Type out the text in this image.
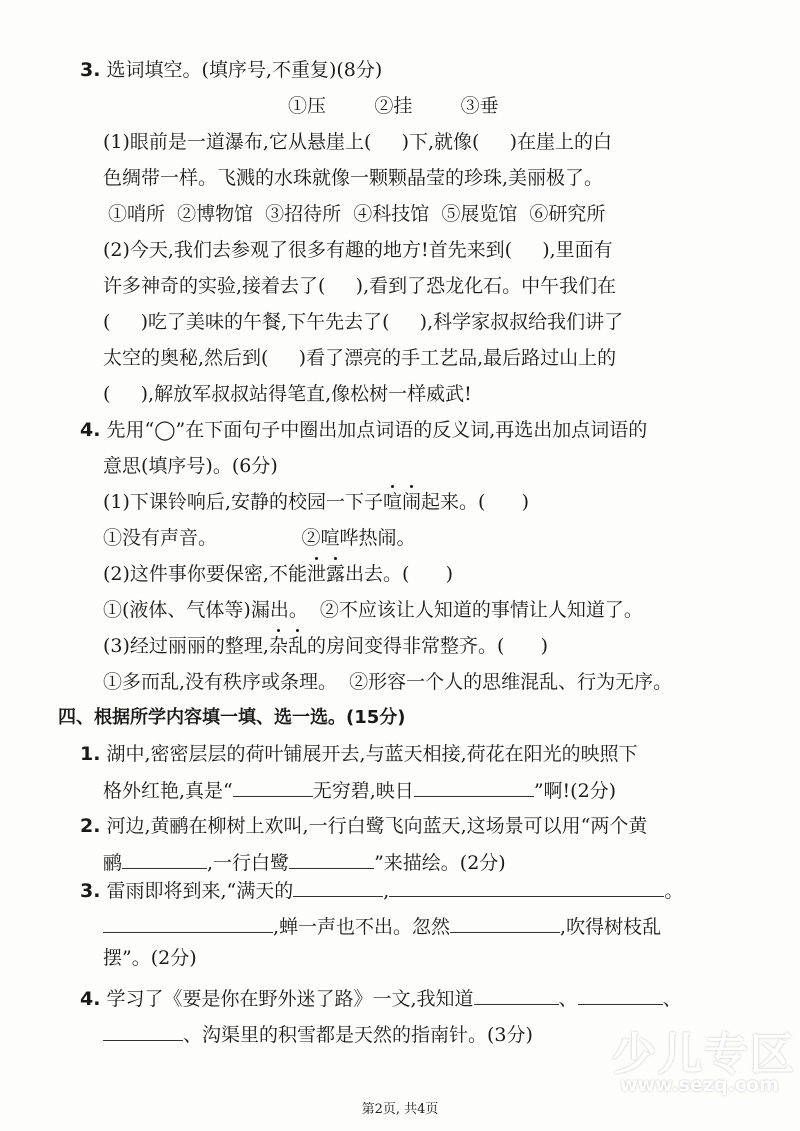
3. 选词填空。(填序号,不重复)(8分)
①压        ②挂        ③垂
(1)眼前是一道瀑布,它从悬崖上(     )下,就像(     )在崖上的白
色绸带一样。飞溅的水珠就像一颗颗晶莹的珍珠,美丽极了。
①哨所  ②博物馆  ③招待所  ④科技馆  ⑤展览馆  ⑥研究所
(2)今天,我们去参观了很多有趣的地方!首先来到(     ),里面有
许多神奇的实验,接着去了(     ),看到了恐龙化石。中午我们在
(     )吃了美味的午餐,下午先去了(     ),科学家叔叔给我们讲了
太空的奥秘,然后到(     )看了漂亮的手工艺品,最后路过山上的
(     ),解放军叔叔站得笔直,像松树一样威武!
4. 先用“◯”在下面句子中圈出加点词语的反义词,再选出加点词语的
意思(填序号)。(6分)
(1)下课铃响后,安静的校园一下子喧闹起来。(      )
①没有声音。              ②喧哗热闹。
(2)这件事你要保密,不能泄露出去。(      )
①(液体、气体等)漏出。  ②不应该让人知道的事情让人知道了。
(3)经过丽丽的整理,杂乱的房间变得非常整齐。(      )
①多而乱,没有秩序或条理。  ②形容一个人的思维混乱、行为无序。
四、根据所学内容填一填、选一选。(15分)
1. 湖中,密密层层的荷叶铺展开去,与蓝天相接,荷花在阳光的映照下
格外红艳,真是“	无穷碧,映日	”啊!(2分)
2. 河边,黄鹂在柳树上欢叫,一行白鹭飞向蓝天,这场景可以用“两个黄
鹂	,一行白鹭	”来描绘。(2分)
3. 雷雨即将到来,“满天的	,	。
,蝉一声也不出。忽然	,吹得树枝乱
摆”。(2分)
4. 学习了《要是你在野外迷了路》一文,我知道	、	、
、沟渠里的积雪都是天然的指南针。(3分) 少儿专区
www.sezq.com
第2页, 共4页
